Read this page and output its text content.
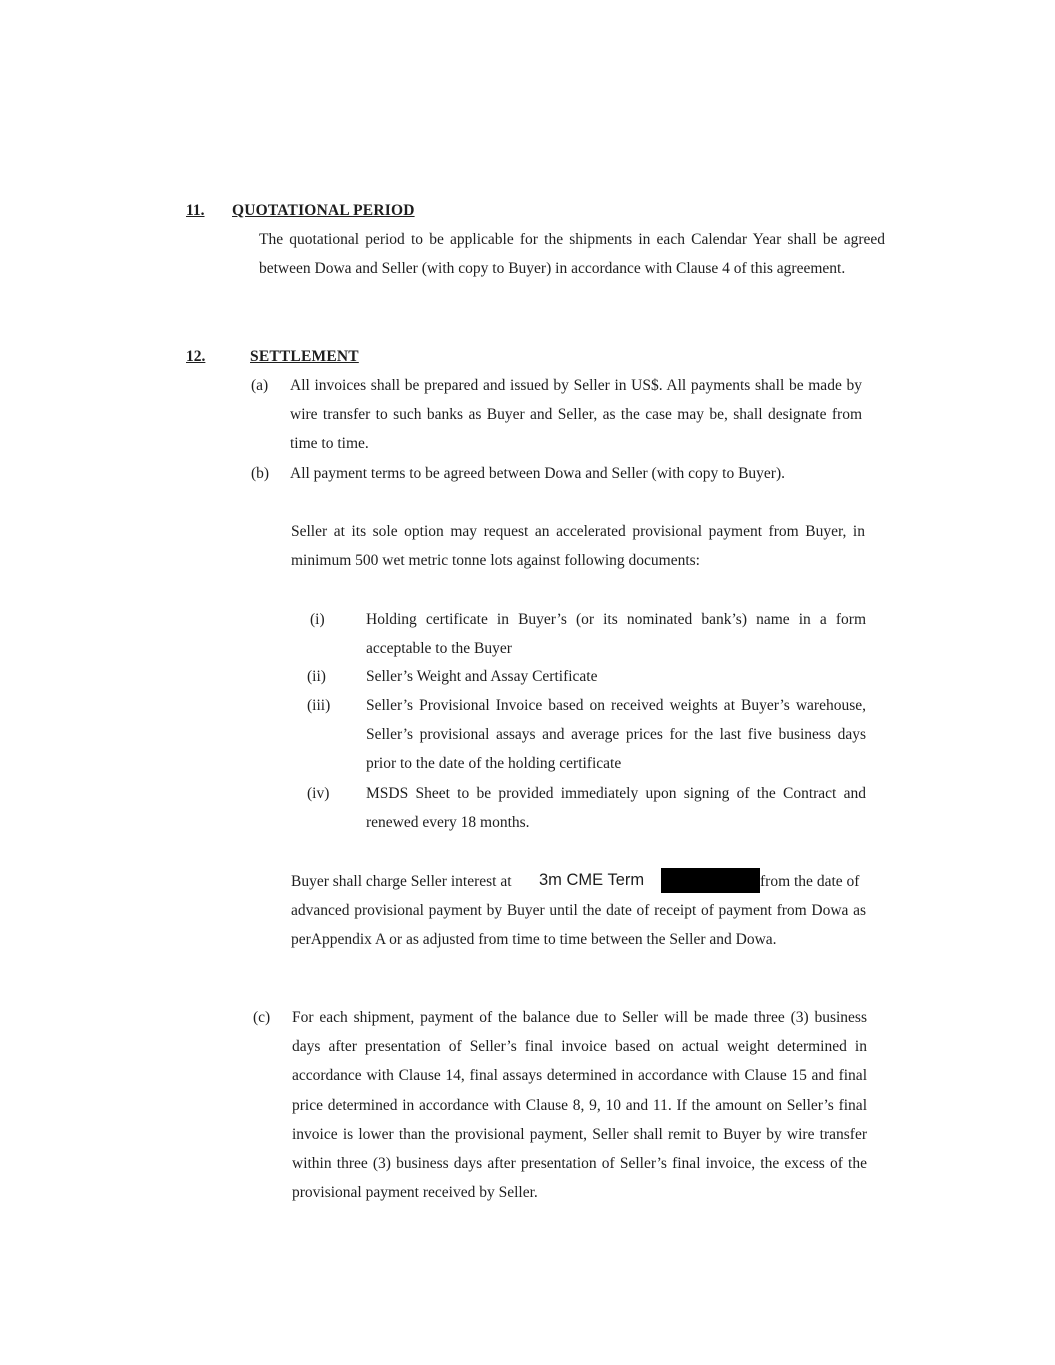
11. QUOTATIONAL PERIOD

The quotational period to be applicable for the shipments in each Calendar Year shall be agreed between Dowa and Seller (with copy to Buyer) in accordance with Clause 4 of this agreement.

12.	SETTLEMENT
(a) All invoices shall be prepared and issued by Seller in US$. All payments shall be made by wire transfer to such banks as Buyer and Seller, as the case may be, shall designate from time to time.

(b) All payment terms to be agreed between Dowa and Seller (with copy to Buyer).

Seller at its sole option may request an accelerated provisional payment from Buyer, in minimum 500 wet metric tonne lots against following documents:

(i)	Holding certificate in Buyer’s (or its nominated bank’s) name in a form acceptable to the Buyer

(ii)	Seller’s Weight and Assay Certificate

(iii) Seller’s Provisional Invoice based on received weights at Buyer’s warehouse, Seller’s provisional assays and average prices for the last five business days prior to the date of the holding certificate

(iv) MSDS Sheet to be provided immediately upon signing of the Contract and renewed every 18 months.

Buyer shall charge Seller interest at 3m CME Term	from the date of

advanced provisional payment by Buyer until the date of receipt of payment from Dowa as perAppendix A or as adjusted from time to time between the Seller and Dowa.

(c) For each shipment, payment of the balance due to Seller will be made three (3) business days after presentation of Seller’s final invoice based on actual weight determined in accordance with Clause 14, final assays determined in accordance with Clause 15 and final price determined in accordance with Clause 8, 9, 10 and 11. If the amount on Seller’s final invoice is lower than the provisional payment, Seller shall remit to Buyer by wire transfer within three (3) business days after presentation of Seller’s final invoice, the excess of the provisional payment received by Seller.
